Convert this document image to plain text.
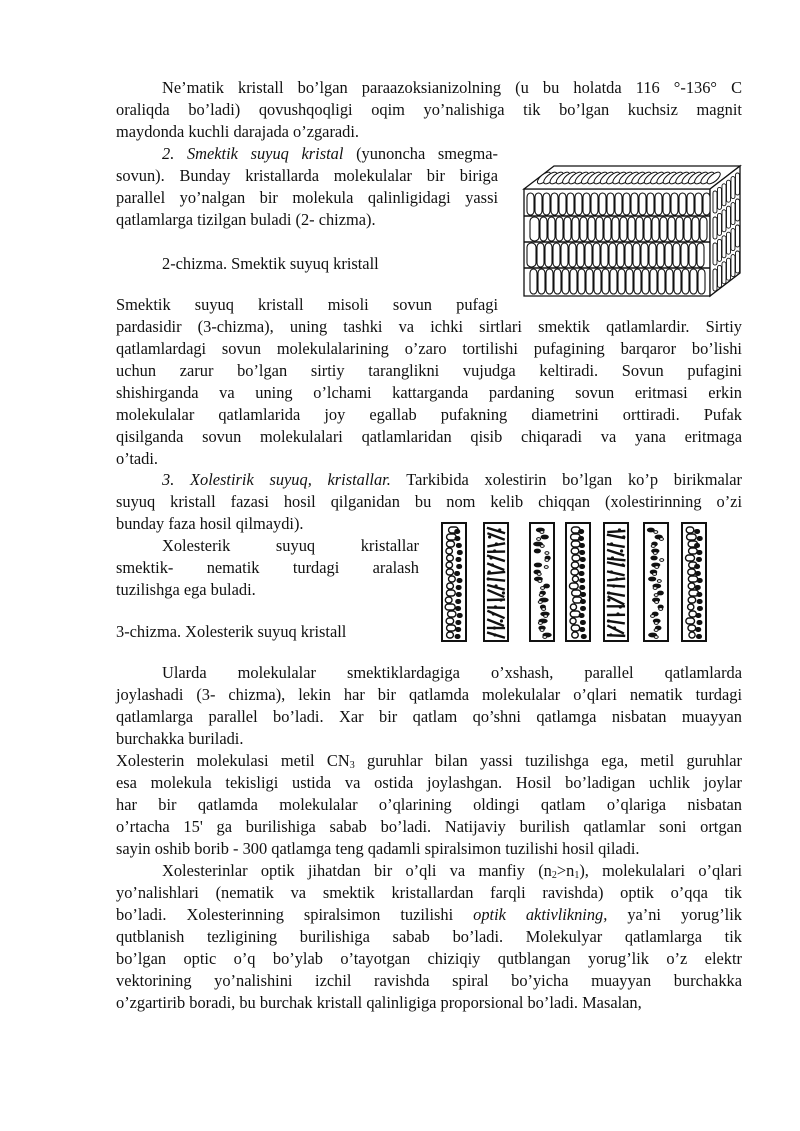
Ne’matik kristall bo’lgan paraazoksianizolning (u bu holatda 116 °-136° C
oraliqda bo’ladi) qovushqoqligi oqim yo’nalishiga tik bo’lgan kuchsiz magnit
maydonda kuchli darajada o’zgaradi.
2. Smektik suyuq kristal (yunoncha smegma-
sovun). Bunday kristallarda molekulalar bir biriga
parallel yo’nalgan bir molekula qalinligidagi yassi
qatlamlarga tizilgan buladi (2- chizma).
2-chizma. Smektik suyuq kristall
Smektik suyuq kristall misoli sovun pufagi
pardasidir (3-chizma), uning tashki va ichki sirtlari smektik qatlamlardir. Sirtiy
qatlamlardagi sovun molekulalarining o’zaro tortilishi pufagining barqaror bo’lishi
uchun zarur bo’lgan sirtiy taranglikni vujudga keltiradi. Sovun pufagini
shishirganda va uning o’lchami kattarganda pardaning sovun eritmasi erkin
molekulalar qatlamlarida joy egallab pufakning diametrini orttiradi. Pufak
qisilganda sovun molekulalari qatlamlaridan qisib chiqaradi va yana eritmaga
o’tadi.
3. Xolestirik suyuq, kristallar. Tarkibida xolestirin bo’lgan ko’p birikmalar
suyuq kristall fazasi hosil qilganidan bu nom kelib chiqqan (xolestirinning o’zi
bunday faza hosil qilmaydi).
Xolesterik suyuq kristallar
smektik- nematik turdagi aralash
tuzilishga ega buladi.
3-chizma. Xolesterik suyuq kristall
Ularda molekulalar smektiklardagiga o’xshash, parallel qatlamlarda
joylashadi (3- chizma), lekin har bir qatlamda molekulalar o’qlari nematik turdagi
qatlamlarga parallel bo’ladi. Xar bir qatlam qo’shni qatlamga nisbatan muayyan
burchakka buriladi.
Xolesterin molekulasi metil $CN_3$ guruhlar bilan yassi tuzilishga ega, metil guruhlar
esa molekula tekisligi ustida va ostida joylashgan. Hosil bo’ladigan uchlik joylar
har bir qatlamda molekulalar o’qlarining oldingi qatlam o’qlariga nisbatan
o’rtacha 15' ga burilishiga sabab bo’ladi. Natijaviy burilish qatlamlar soni ortgan
sayin oshib borib - 300 qatlamga teng qadamli spiralsimon tuzilishi hosil qiladi.
Xolesterinlar optik jihatdan bir o’qli va manfiy $(n_2>n_1)$, molekulalari o’qlari
yo’nalishlari (nematik va smektik kristallardan farqli ravishda) optik o’qqa tik
bo’ladi. Xolesterinning spiralsimon tuzilishi optik aktivlikning, ya’ni yorug’lik
qutblanish tezligining burilishiga sabab bo’ladi. Molekulyar qatlamlarga tik
bo’lgan optic o’q bo’ylab o’tayotgan chiziqiy qutblangan yorug’lik o’z elektr
vektorining yo’nalishini izchil ravishda spiral bo’yicha muayyan burchakka
o’zgartirib boradi, bu burchak kristall qalinligiga proporsional bo’ladi. Masalan,
